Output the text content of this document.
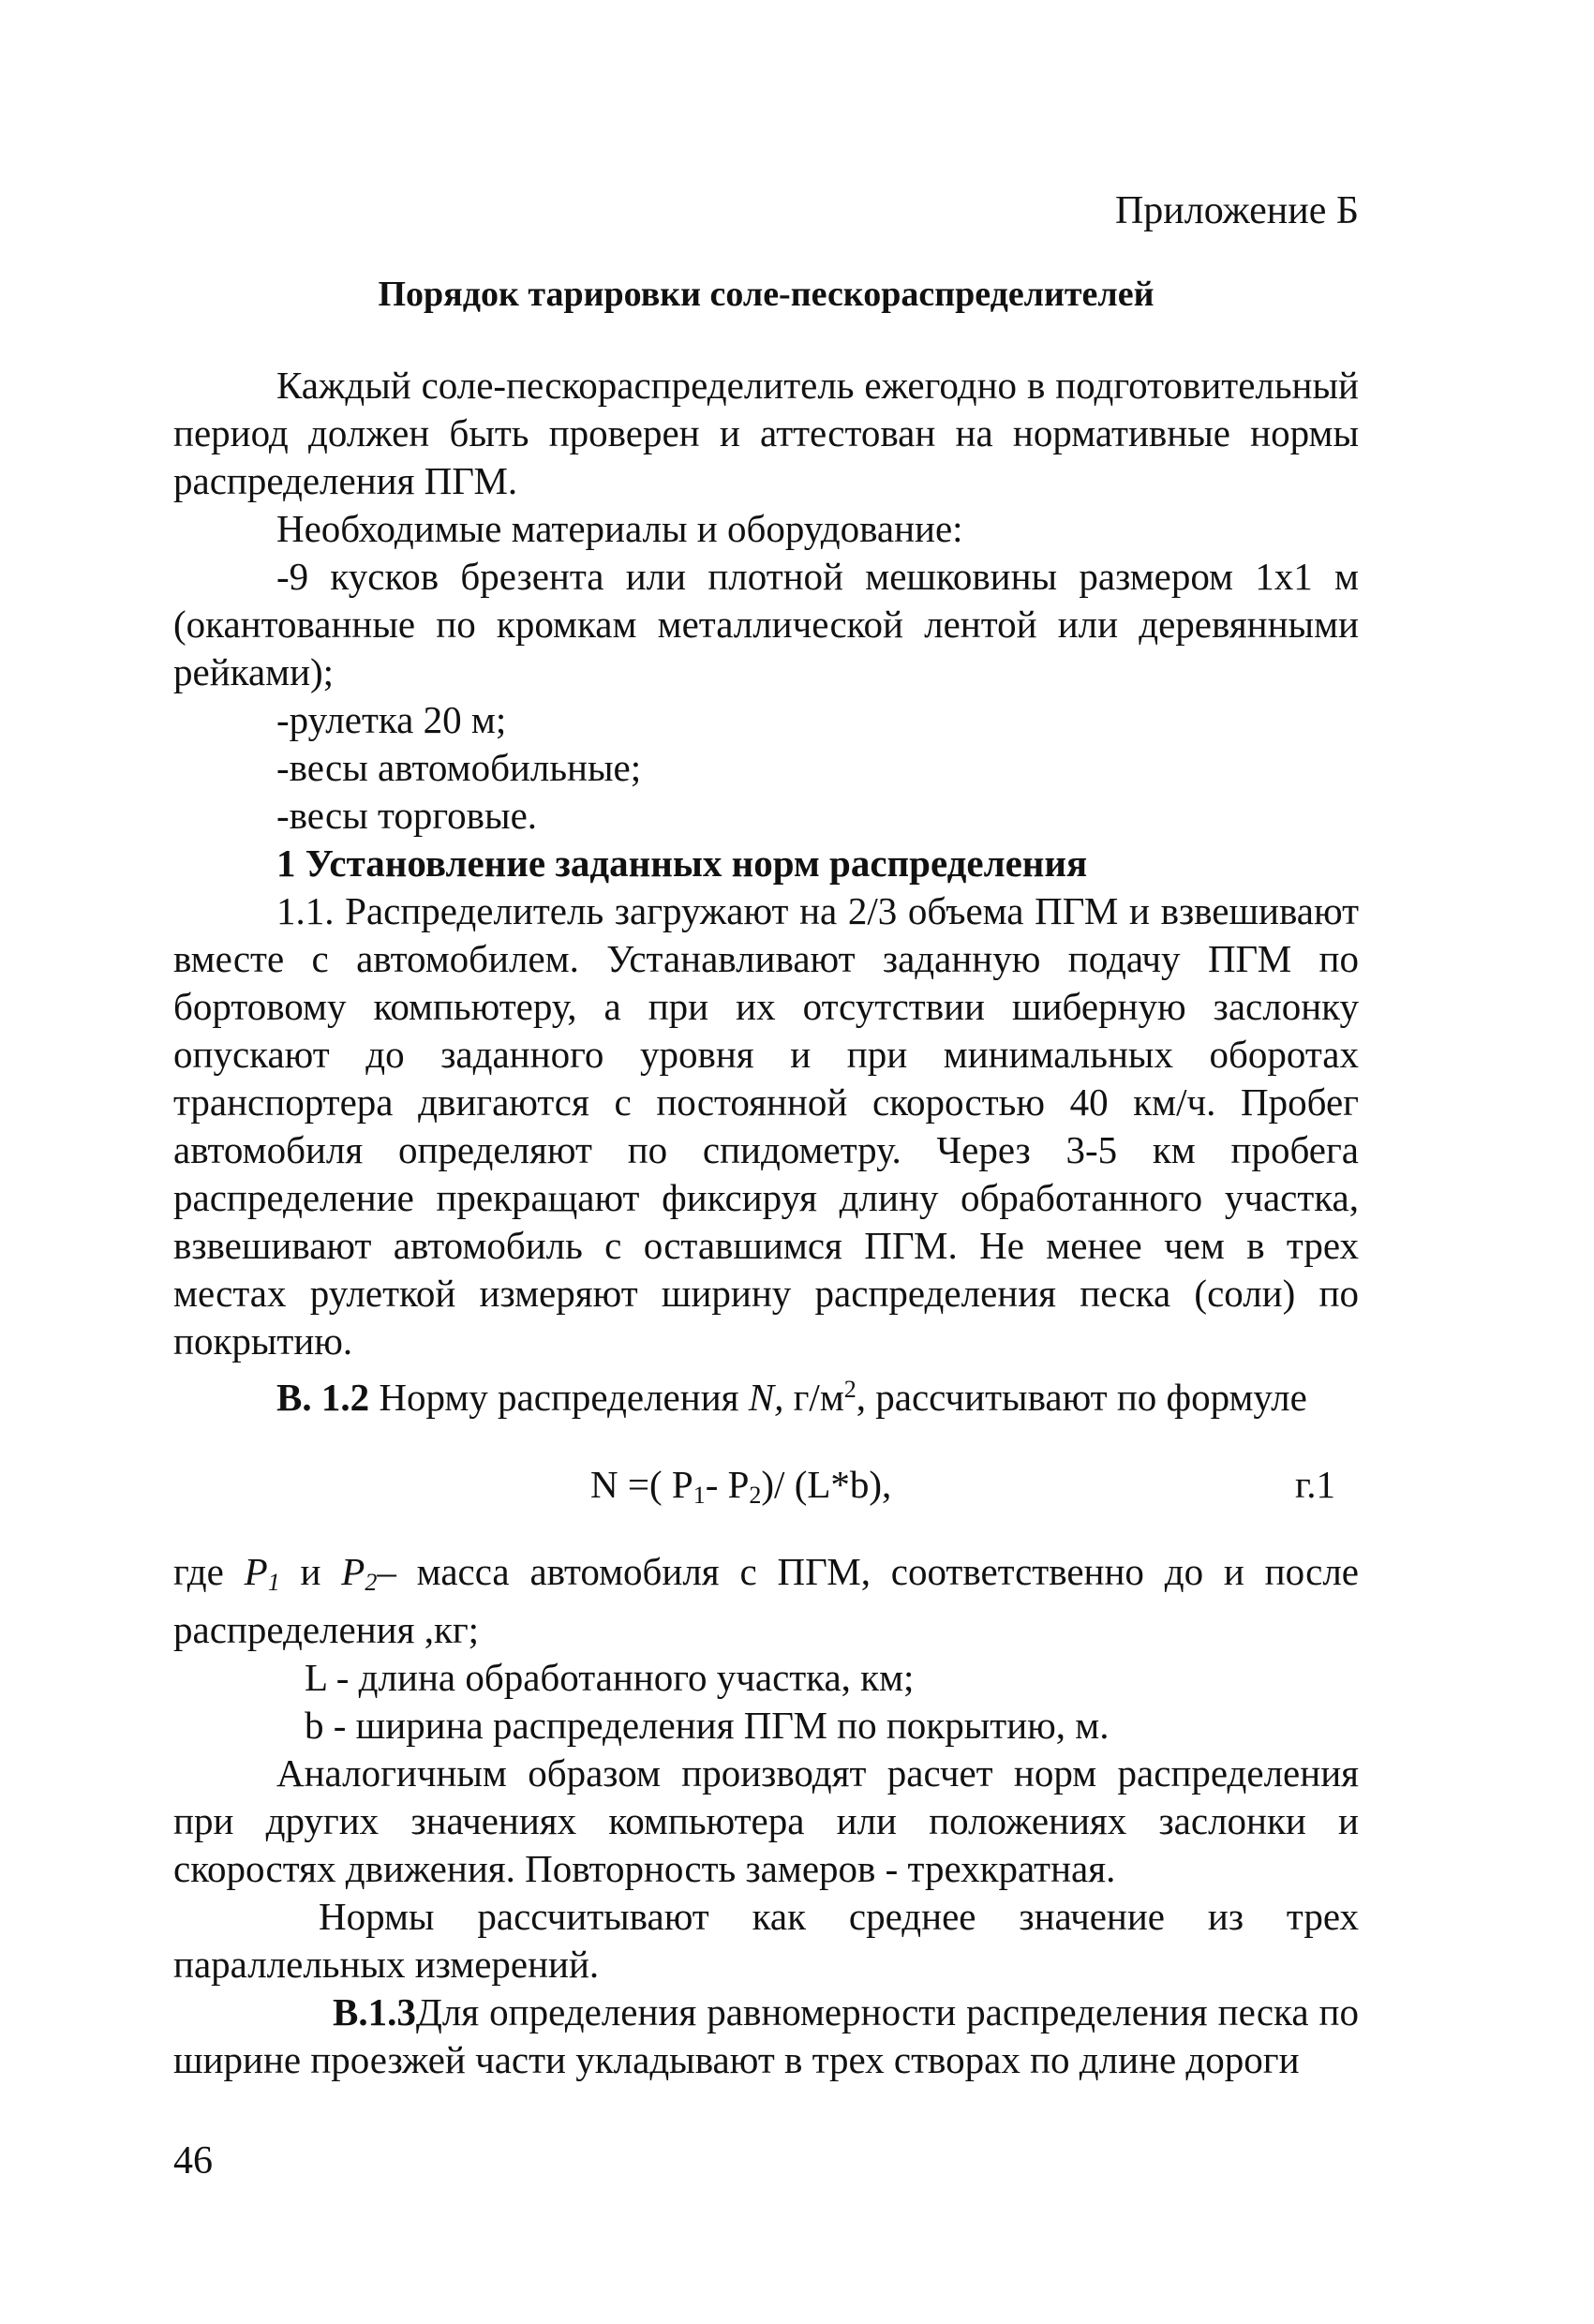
Приложение Б

Порядок тарировки соле-пескораспределителей

Каждый соле-пескораспределитель ежегодно в подготовительный период должен быть проверен и аттестован на нормативные нормы распределения ПГМ.

Необходимые материалы и оборудование:

-9 кусков брезента или плотной мешковины размером 1x1 м (окантованные по кромкам металлической лентой или деревянными рейками);

-рулетка 20 м;

-весы автомобильные;

-весы торговые.

1 Установление заданных норм распределения

1.1. Распределитель загружают на 2/3 объема ПГМ и взвешивают вместе с автомобилем. Устанавливают заданную подачу ПГМ по бортовому компьютеру, а при их отсутствии шиберную заслонку опускают до заданного уровня и при минимальных оборотах транспортера двигаются с постоянной скоростью 40 км/ч. Пробег автомобиля определяют по спидометру. Через 3-5 км пробега распределение прекращают фиксируя длину обработанного участка, взвешивают автомобиль с оставшимся ПГМ. Не менее чем в трех местах рулеткой измеряют ширину распределения песка (соли) по покрытию.

В. 1.2 Норму распределения N, $г/м^2$, рассчитывают по формуле

N =( $P_1-$ $P_2)/$ (L*b),	г.1

где $P_1$ и $P_2-$ масса автомобиля с ПГМ, соответственно до и после распределения ,кг;

L - длина обработанного участка, км;

b - ширина распределения ПГМ по покрытию, м.

Аналогичным образом производят расчет норм распределения при других значениях компьютера или положениях заслонки и скоростях движения. Повторность замеров - трехкратная.

Нормы рассчитывают как среднее значение из трех параллельных измерений.

В.1.3Для определения равномерности распределения песка по ширине проезжей части укладывают в трех створах по длине дороги

46
